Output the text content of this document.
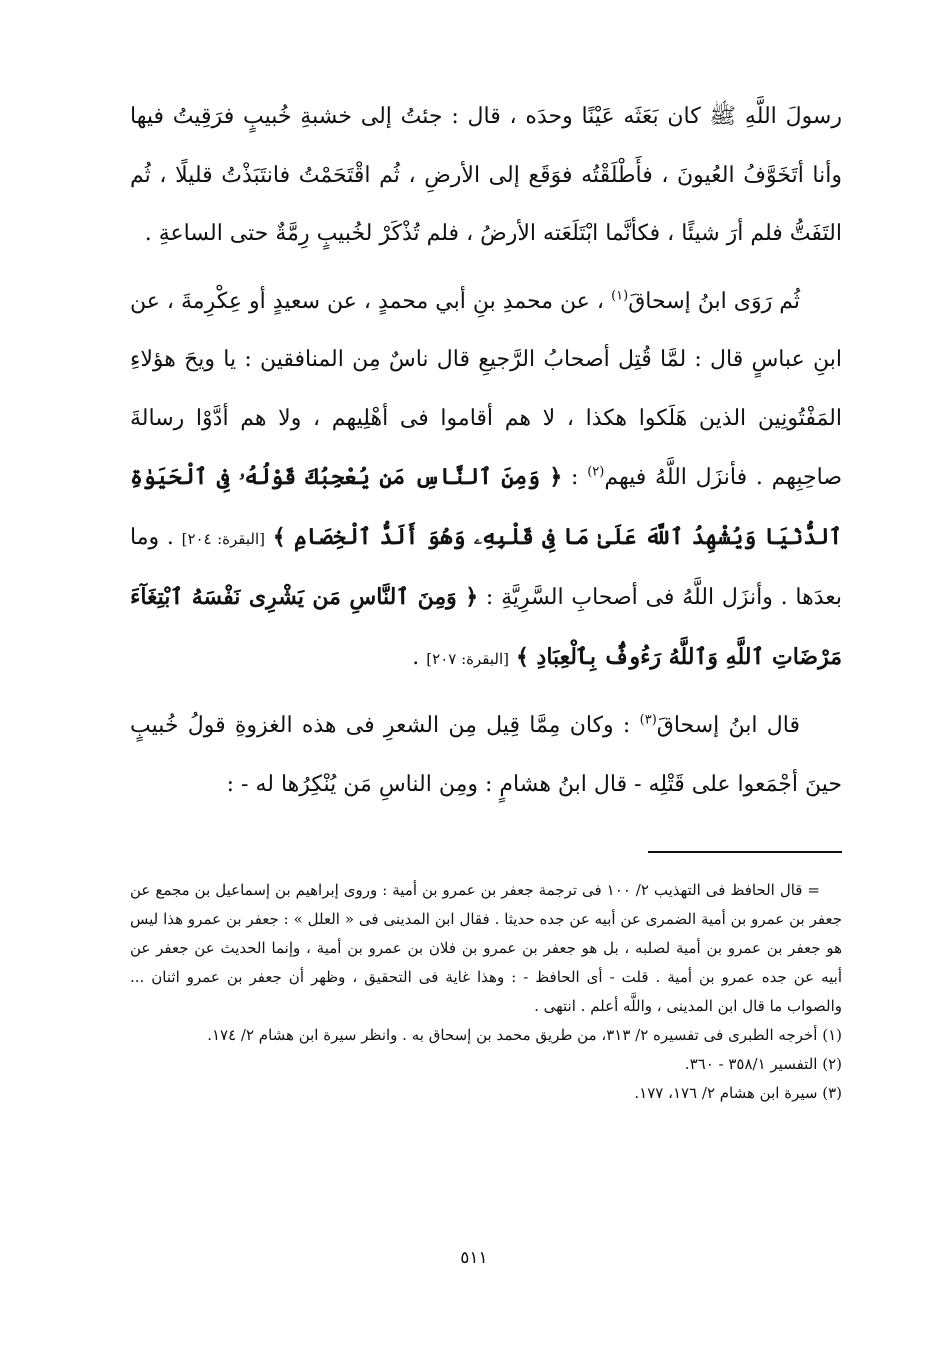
رسولَ اللَّهِ ﷺ كان بَعَثَه عَيْنًا وحدَه ، قال : جئتُ إلى خشبةِ خُبيبٍ فرَقِيتُ فيها وأنا أتَخَوَّفُ العُيونَ ، فأَطْلَقْتُه فوَقَع إلى الأرضِ ، ثُم اقْتَحَمْتُ فانتَبَذْتُ قليلًا ، ثُم التَفَتُّ فلم أرَ شيئًا ، فكأنَّما ابْتَلَعَته الأرضُ ، فلم تُذْكَرْ لخُبيبٍ رِمَّةٌ حتى الساعةِ .

ثُم رَوَى ابنُ إسحاقَ$^{(١)}$ ، عن محمدِ بنِ أبي محمدٍ ، عن سعيدٍ أو عِكْرِمةَ ، عن ابنِ عباسٍ قال : لمَّا قُتِل أصحابُ الرَّجيعِ قال ناسٌ مِن المنافقين : يا ويحَ هؤلاءِ المَفْتُونِين الذين هَلَكوا هكذا ، لا هم أقاموا فى أهْلِيهم ، ولا هم أدَّوْا رسالةَ صاحِبِهم . فأنزَل اللَّهُ فيهم$^{(٢)}$ : ﴿ وَمِنَ ٱلنَّاسِ مَن يُعْجِبُكَ قَوْلُهُۥ فِى ٱلْحَيَوٰةِ ٱلدُّنْيَا وَيُشْهِدُ ٱللَّهَ عَلَىٰ مَا فِى قَلْبِهِۦ وَهُوَ أَلَدُّ ٱلْخِصَامِ ﴾ [البقرة: ٢٠٤] . وما بعدَها . وأنزَل اللَّهُ فى أصحابِ السَّرِيَّةِ : ﴿ وَمِنَ ٱلنَّاسِ مَن يَشْرِى نَفْسَهُ ٱبْتِغَآءَ مَرْضَاتِ ٱللَّهِ وَٱللَّهُ رَءُوفٌۢ بِٱلْعِبَادِ ﴾ [البقرة: ٢٠٧] .

قال ابنُ إسحاقَ$^{(٣)}$ : وكان مِمَّا قِيل مِن الشعرِ فى هذه الغزوةِ قولُ خُبيبٍ حينَ أجْمَعوا على قَتْلِه - قال ابنُ هشامٍ : ومِن الناسِ مَن يُنْكِرُها له - :

= قال الحافظ فى التهذيب ٢/ ١٠٠ فى ترجمة جعفر بن عمرو بن أمية : وروى إبراهيم بن إسماعيل بن مجمع عن جعفر بن عمرو بن أمية الضمرى عن أبيه عن جده حديثا . فقال ابن المدينى فى « العلل » : جعفر بن عمرو هذا ليس هو جعفر بن عمرو بن أمية لصلبه ، بل هو جعفر بن عمرو بن فلان بن عمرو بن أمية ، وإنما الحديث عن جعفر عن أبيه عن جده عمرو بن أمية . قلت - أى الحافظ - : وهذا غاية فى التحقيق ، وظهر أن جعفر بن عمرو اثنان ... والصواب ما قال ابن المدينى ، واللَّه أعلم . انتهى .

(١) أخرجه الطبرى فى تفسيره ٢/ ٣١٣، من طريق محمد بن إسحاق به . وانظر سيرة ابن هشام ٢/ ١٧٤.

(٢) التفسير ٣٥٨/١ - ٣٦٠.

(٣) سيرة ابن هشام ٢/ ١٧٦، ١٧٧.

٥١١
